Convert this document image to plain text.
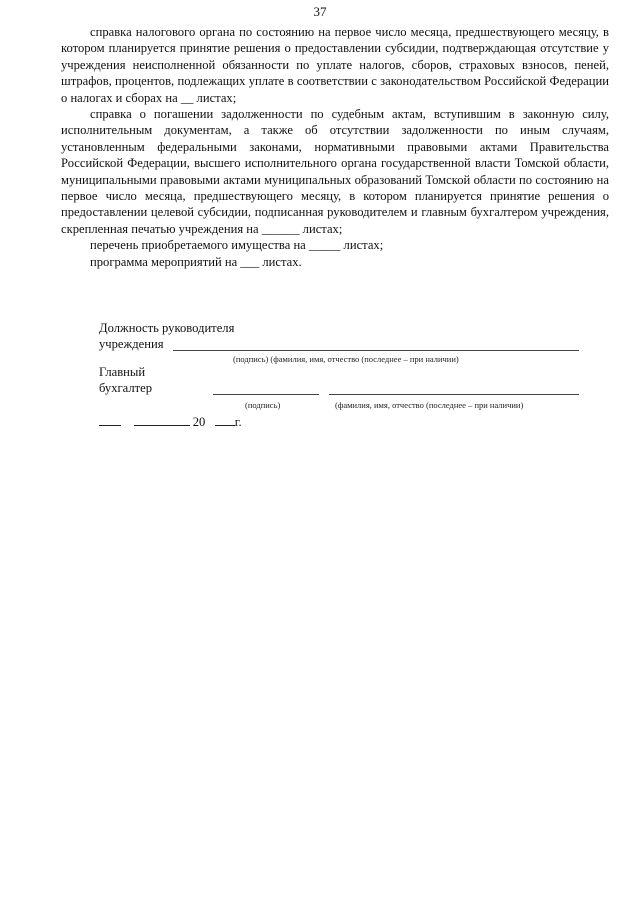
37

справка налогового органа по состоянию на первое число месяца, предшествующего месяцу, в котором планируется принятие решения о предоставлении субсидии, подтверждающая отсутствие у учреждения неисполненной обязанности по уплате налогов, сборов, страховых взносов, пеней, штрафов, процентов, подлежащих уплате в соответствии с законодательством Российской Федерации о налогах и сборах на __ листах;

справка о погашении задолженности по судебным актам, вступившим в законную силу, исполнительным документам, а также об отсутствии задолженности по иным случаям, установленным федеральными законами, нормативными правовыми актами Правительства Российской Федерации, высшего исполнительного органа государственной власти Томской области, муниципальными правовыми актами муниципальных образований Томской области по состоянию на первое число месяца, предшествующего месяцу, в котором планируется принятие решения о предоставлении целевой субсидии, подписанная руководителем и главным бухгалтером учреждения, скрепленная печатью учреждения на ______ листах;

перечень приобретаемого имущества на _____ листах;

программа мероприятий на ___ листах.

Должность руководителя
учреждения
(подпись) (фамилия, имя, отчество (последнее – при наличии)
Главный
бухгалтер
(подпись)	(фамилия, имя, отчество (последнее – при наличии)
20 г.
